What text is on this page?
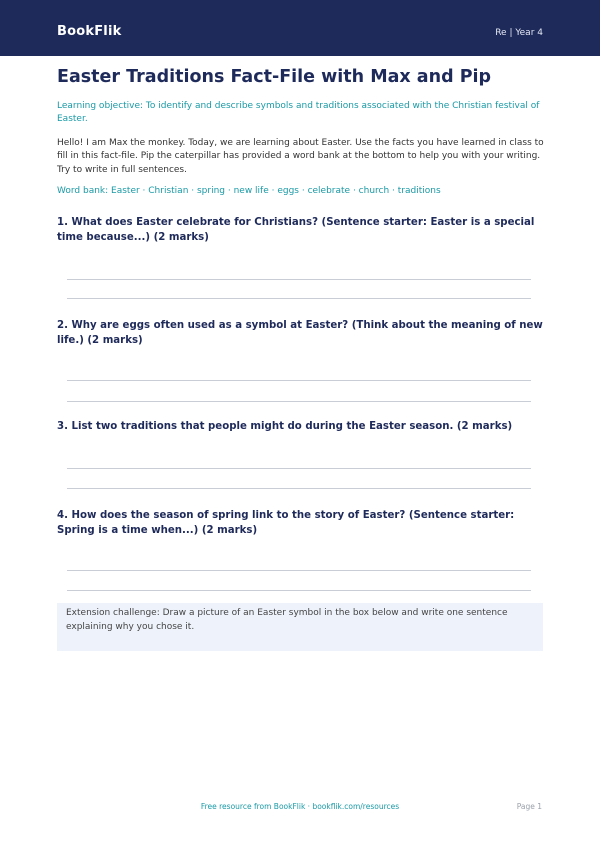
BookFlik	Re | Year 4
Easter Traditions Fact-File with Max and Pip

Learning objective: To identify and describe symbols and traditions associated with the Christian festival of Easter.

Hello! I am Max the monkey. Today, we are learning about Easter. Use the facts you have learned in class to fill in this fact-file. Pip the caterpillar has provided a word bank at the bottom to help you with your writing. Try to write in full sentences.

Word bank: Easter · Christian · spring · new life · eggs · celebrate · church · traditions

1. What does Easter celebrate for Christians? (Sentence starter: Easter is a special time because...) (2 marks)

2. Why are eggs often used as a symbol at Easter? (Think about the meaning of new life.) (2 marks)

3. List two traditions that people might do during the Easter season. (2 marks)

4. How does the season of spring link to the story of Easter? (Sentence starter: Spring is a time when...) (2 marks)

Extension challenge: Draw a picture of an Easter symbol in the box below and write one sentence explaining why you chose it.

Free resource from BookFlik · bookflik.com/resources	Page 1
